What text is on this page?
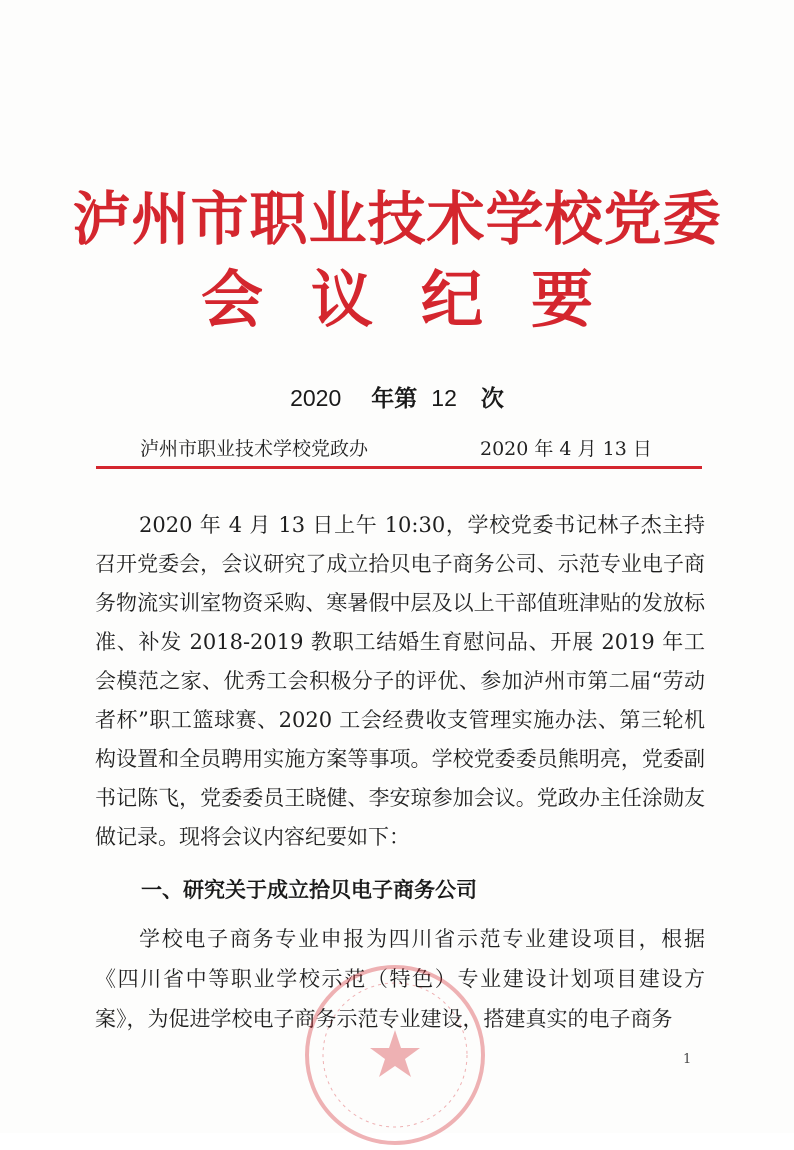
泸州市职业技术学校党委
会议纪要
2020 年第 12 次
泸州市职业技术学校党政办	2020 年 4 月 13 日

2020 年 4 月 13 日上午 10:30，学校党委书记林子杰主持召开党委会，会议研究了成立拾贝电子商务公司、示范专业电子商务物流实训室物资采购、寒暑假中层及以上干部值班津贴的发放标准、补发 2018-2019 教职工结婚生育慰问品、开展 2019 年工会模范之家、优秀工会积极分子的评优、参加泸州市第二届“劳动者杯”职工篮球赛、2020 工会经费收支管理实施办法、第三轮机构设置和全员聘用实施方案等事项。学校党委委员熊明亮，党委副书记陈飞，党委委员王晓健、李安琼参加会议。党政办主任涂勋友做记录。现将会议内容纪要如下：

一、研究关于成立拾贝电子商务公司

学校电子商务专业申报为四川省示范专业建设项目，根据《四川省中等职业学校示范（特色）专业建设计划项目建设方案》，为促进学校电子商务示范专业建设，搭建真实的电子商务

1
